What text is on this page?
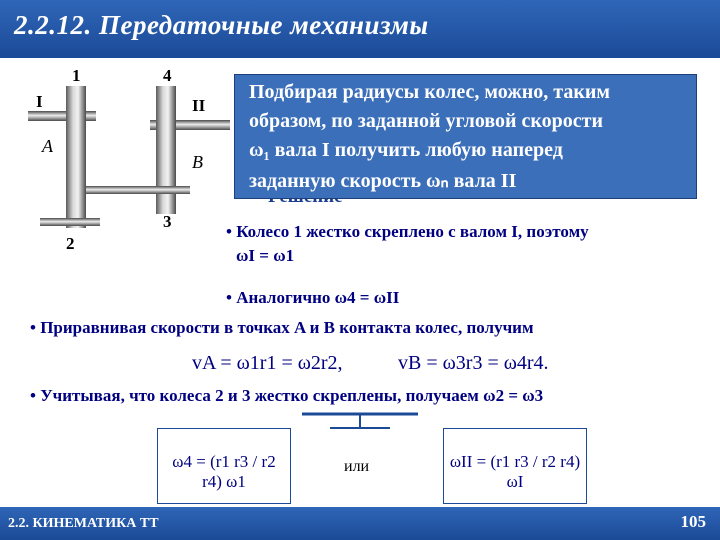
2.2.12. Передаточные механизмы
1	4
I	II
A
B
3
2
Подбирая радиусы колес, можно, таким
образом, по заданной угловой скорости
ω₁ вала I получить любую наперед
заданную скорость ωₙ вала II
• Колесо 1 жестко скреплено с валом I, поэтому
ωI = ω1
• Аналогично ω4 = ωII
• Приравнивая скорости в точках A и B контакта колес, получим
vA = ω1r1 = ω2r2,	vB = ω3r3 = ω4r4.
• Учитывая, что колеса 2 и 3 жестко скреплены, получаем ω2 = ω3
ω4 = (r1 r3 / r2 r4) ω1
или	ωII = (r1 r3 / r2 r4) ωI
2.2. КИНЕМАТИКА ТТ	105
